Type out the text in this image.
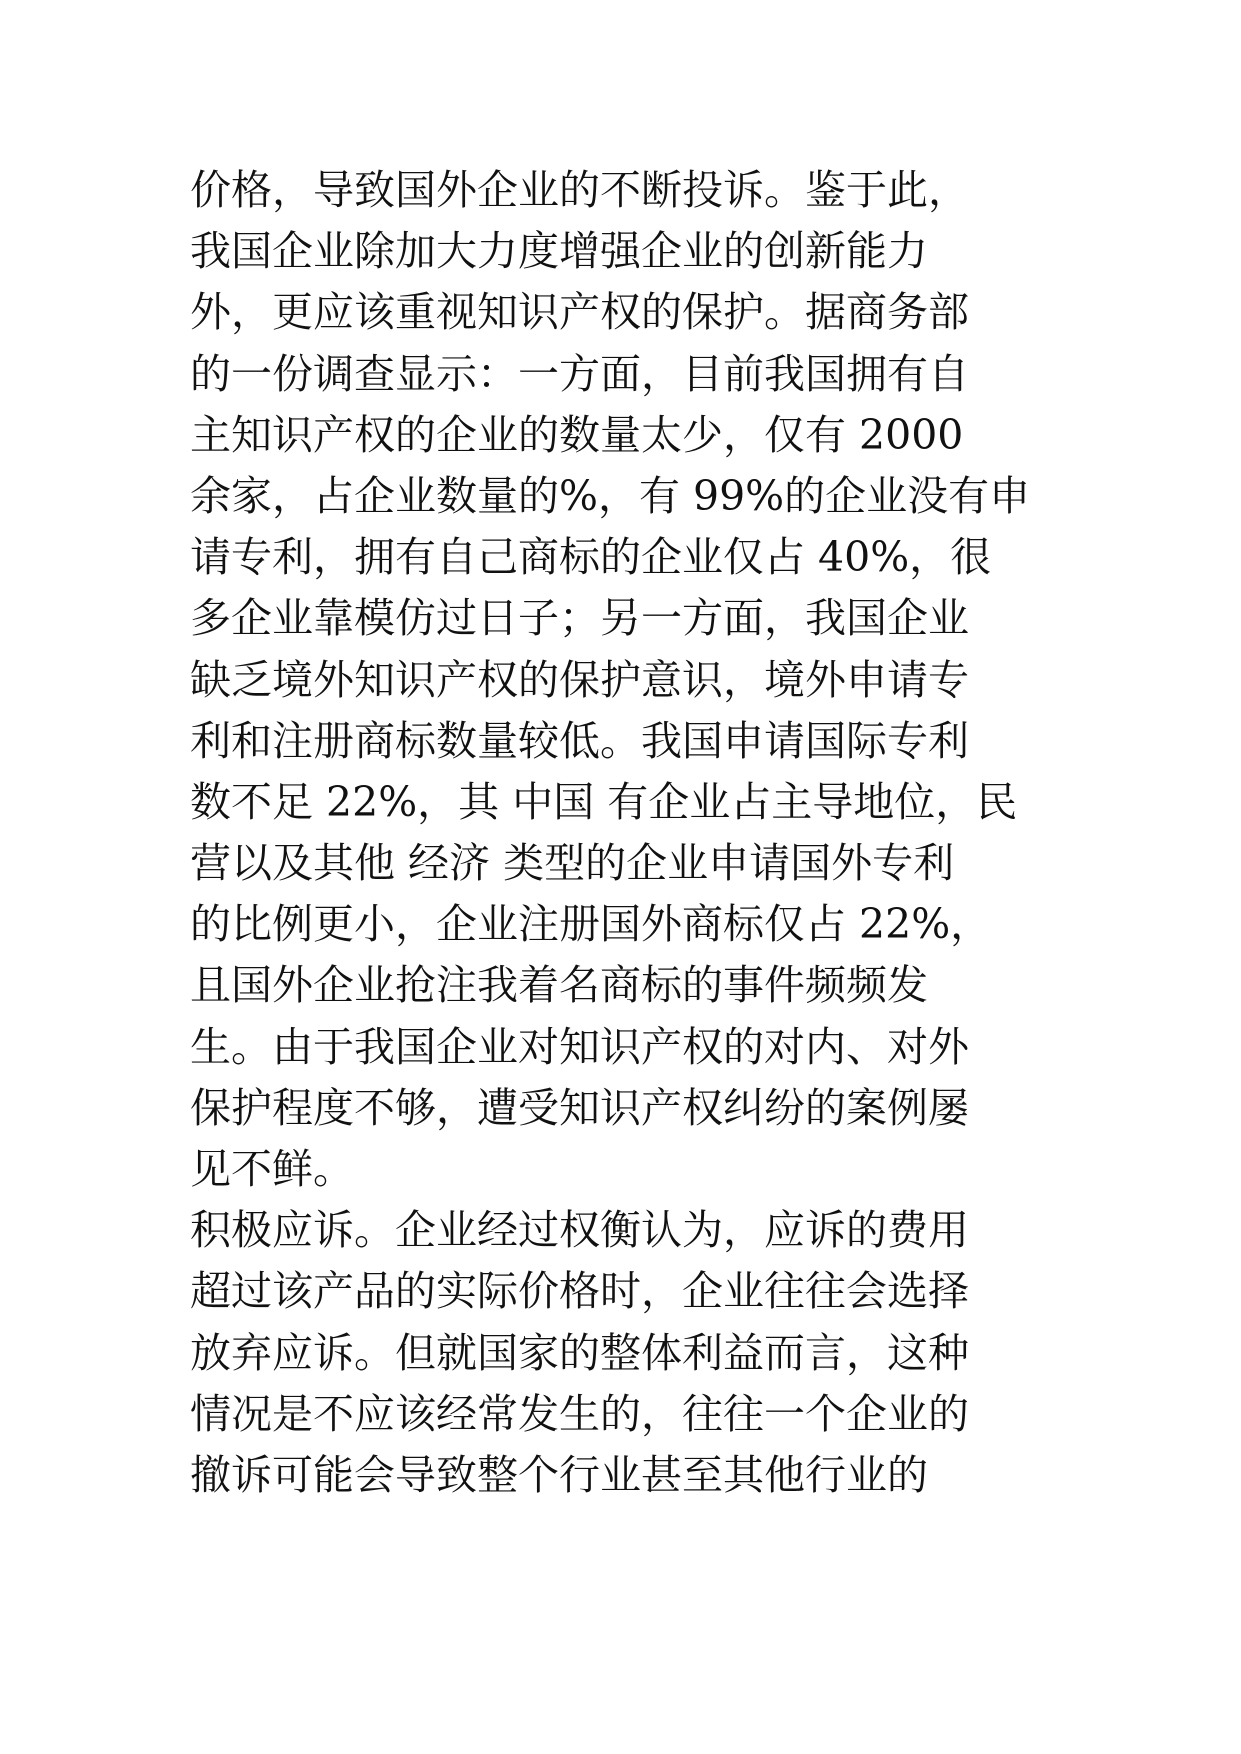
价格，导致国外企业的不断投诉。鉴于此，
我国企业除加大力度增强企业的创新能力
外，更应该重视知识产权的保护。据商务部
的一份调查显示：一方面，目前我国拥有自
主知识产权的企业的数量太少，仅有 2000
余家，占企业数量的%，有 99%的企业没有申
请专利，拥有自己商标的企业仅占 40%，很
多企业靠模仿过日子；另一方面，我国企业
缺乏境外知识产权的保护意识，境外申请专
利和注册商标数量较低。我国申请国际专利
数不足 22%，其 中国 有企业占主导地位，民
营以及其他 经济 类型的企业申请国外专利
的比例更小，企业注册国外商标仅占 22%，
且国外企业抢注我着名商标的事件频频发
生。由于我国企业对知识产权的对内、对外
保护程度不够，遭受知识产权纠纷的案例屡
见不鲜。
积极应诉。企业经过权衡认为，应诉的费用
超过该产品的实际价格时，企业往往会选择
放弃应诉。但就国家的整体利益而言，这种
情况是不应该经常发生的，往往一个企业的
撤诉可能会导致整个行业甚至其他行业的
